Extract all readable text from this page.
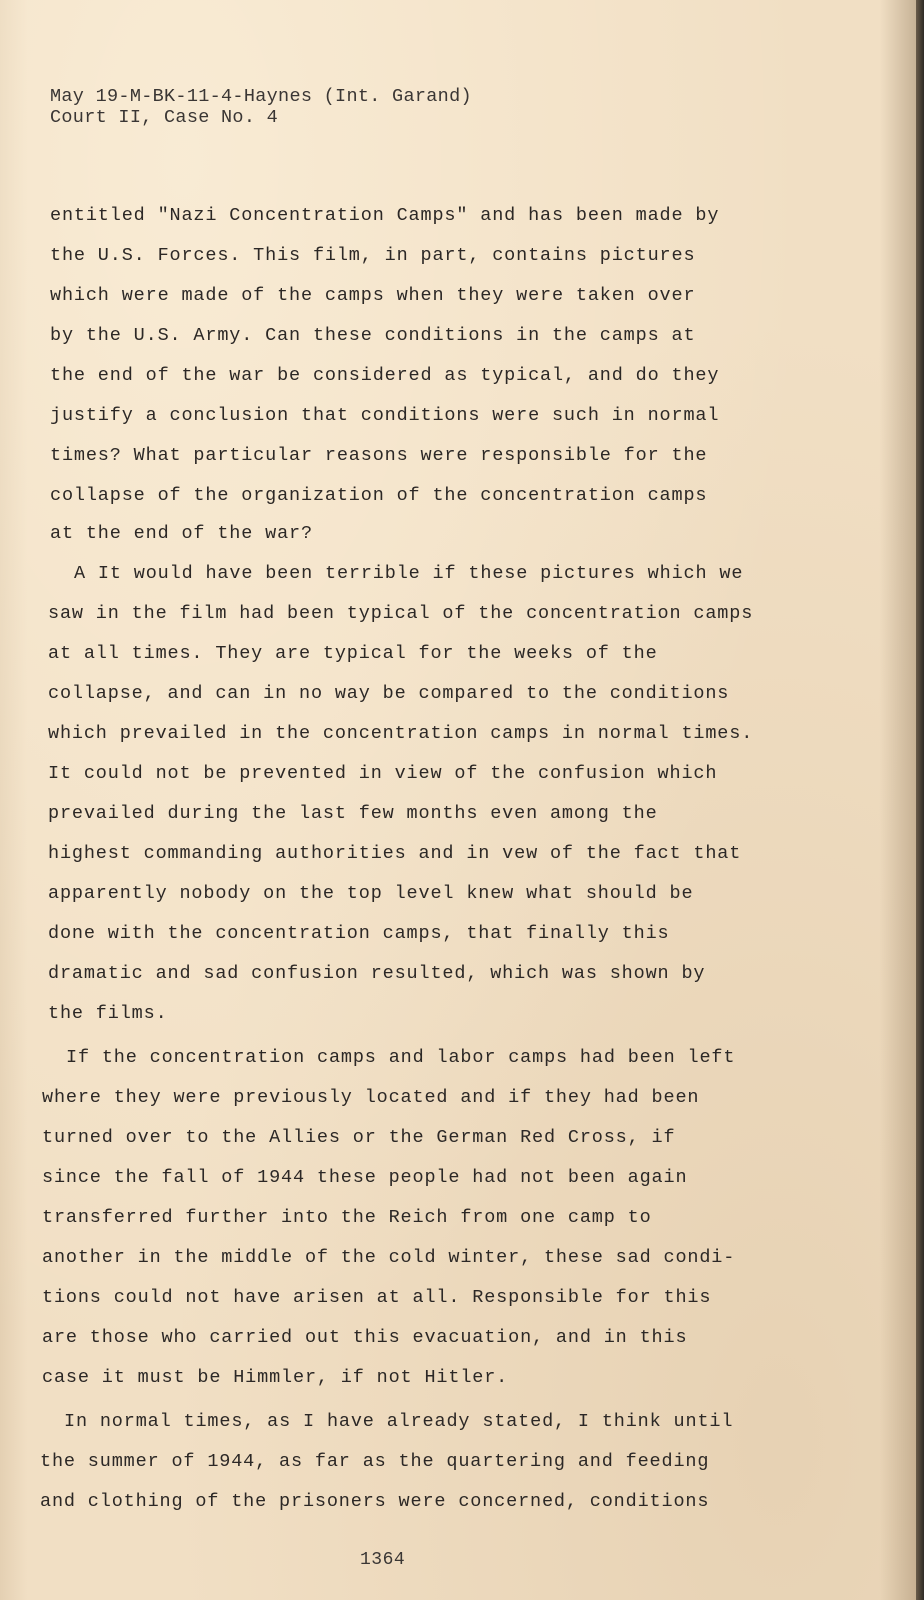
May 19-M-BK-11-4-Haynes (Int. Garand)
Court II, Case No. 4
entitled "Nazi Concentration Camps" and has been made by
the U.S. Forces. This film, in part, contains pictures
which were made of the camps when they were taken over
by the U.S. Army. Can these conditions in the camps at
the end of the war be considered as typical, and do they
justify a conclusion that conditions were such in normal
times? What particular reasons were responsible for the
collapse of the organization of the concentration camps
at the end of the war?
A It would have been terrible if these pictures which we
saw in the film had been typical of the concentration camps
at all times. They are typical for the weeks of the
collapse, and can in no way be compared to the conditions
which prevailed in the concentration camps in normal times.
It could not be prevented in view of the confusion which
prevailed during the last few months even among the
highest commanding authorities and in vew of the fact that
apparently nobody on the top level knew what should be
done with the concentration camps, that finally this
dramatic and sad confusion resulted, which was shown by
the films.
If the concentration camps and labor camps had been left
where they were previously located and if they had been
turned over to the Allies or the German Red Cross, if
since the fall of 1944 these people had not been again
transferred further into the Reich from one camp to
another in the middle of the cold winter, these sad condi-
tions could not have arisen at all. Responsible for this
are those who carried out this evacuation, and in this
case it must be Himmler, if not Hitler.
In normal times, as I have already stated, I think until
the summer of 1944, as far as the quartering and feeding
and clothing of the prisoners were concerned, conditions
1364
